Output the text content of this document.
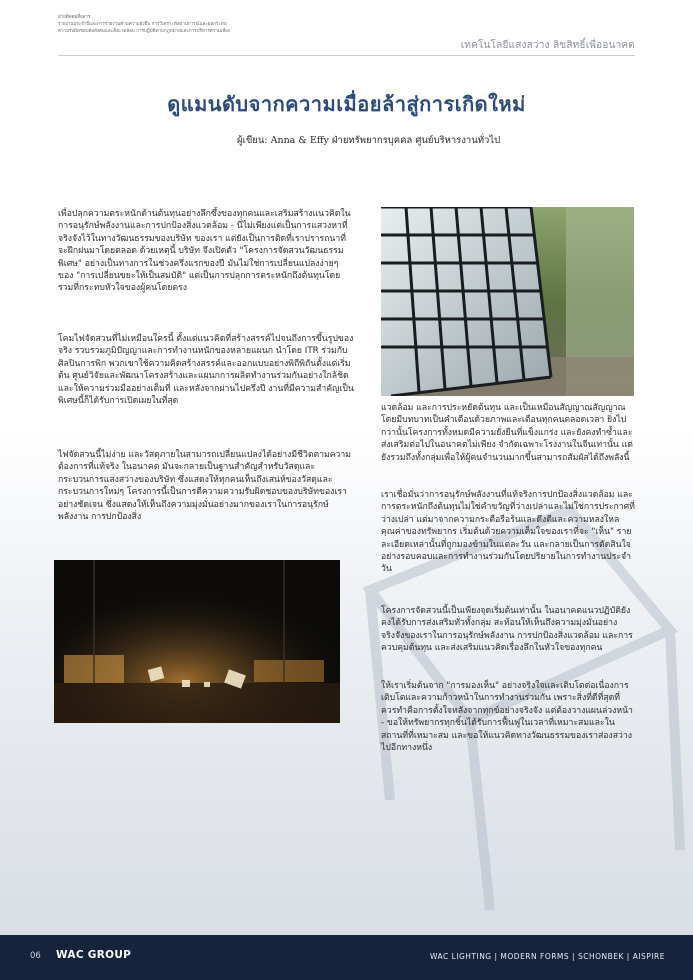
ฝ่ายติดต่อสื่อสาร
รายงานประจำปีและการรายงานด้านความยั่งยืน การวิเคราะห์สถานการณ์และผลกระทบ
ความรับผิดชอบต่อสังคมและสิ่งแวดล้อม การปฏิบัติตามกฎหมายและการบริหารความเสี่ยง
เทคโนโลยีแสงสว่าง ลิขสิทธิ์เพื่ออนาคต
ดูแมนดับจากความเมื่อยล้าสู่การเกิดใหม่
ผู้เขียน: Anna & Effy ฝ่ายทรัพยากรบุคคล ศูนย์บริหารงานทั่วไป

เพื่อปลุกความตระหนักด้านต้นทุนอย่างลึกซึ้งของทุกคนและเสริมสร้างแนวคิดในการอนุรักษ์พลังงานและการปกป้องสิ่งแวดล้อม - นี่ไม่เพียงแต่เป็นการแสวงหาที่จริงจังไว้ในทางวัฒนธรรมของบริษัท ของเรา แต่ยังเป็นการติดที่เราปรารถนาที่จะฝึกฝนมาโดยตลอด ด้วยเหตุนี้ บริษัท จึงเปิดตัว "โครงการจัดสวนวัฒนธรรมพิเศษ" อย่างเป็นทางการในช่วงครึ่งแรกของปี มันไม่ใช่การเปลี่ยนแปลงง่ายๆ ของ "การเปลี่ยนขยะให้เป็นสมบัติ" แต่เป็นการปลุกการตระหนักถึงต้นทุนโดยรวมที่กระทบหัวใจของผู้คนโดยตรง

โคมไฟจัดสวนที่ไม่เหมือนใครนี้ ตั้งแต่แนวคิดที่สร้างสรรค์ไปจนถึงการขึ้นรูปของจริง รวบรวมภูมิปัญญาและการทำงานหนักของหลายแผนก นำโดย ITR ร่วมกับศิลปินการพิก พวกเขาใช้ความคิดสร้างสรรค์และออกแบบอย่างพิถีพิถันตั้งแต่เริ่มต้น ศูนย์วิจัยและพัฒนาโครงสร้างและแผนกการผลิตทำงานร่วมกันอย่างใกล้ชิดและให้ความร่วมมืออย่างเต็มที่ และหลังจากผ่านไปครึ่งปี งานที่มีความสำคัญเป็นพิเศษนี้ก็ได้รับการเปิดเผยในที่สุด

ไฟจัดสวนนี้ไม่ง่าย และวัสดุภายในสามารถเปลี่ยนแปลงได้อย่างมีชีวิตตามความต้องการที่แท้จริง ในอนาคต มันจะกลายเป็นฐานสำคัญสำหรับวัสดุและกระบวนการแสงสว่างของบริษัท ซึ่งแสดงให้ทุกคนเห็นถึงเสน่ห์ของวัสดุและกระบวนการใหม่ๆ โครงการนี้เป็นการตีความความรับผิดชอบของบริษัทของเราอย่างชัดเจน ซึ่งแสดงให้เห็นถึงความมุ่งมั่นอย่างมากของเราในการอนุรักษ์พลังงาน การปกป้องสิ่ง

แวดล้อม และการประหยัดต้นทุน และเป็นเหมือนสัญญาณสัญญาณ โดยมีบทบาทเป็นคำเตือนด้วยภาพและเตือนทุกคนตลอดเวลา ยิ่งไปกว่านั้นโครงการทั้งหมดมีความยั่งยืนที่แข็งแกร่ง และยังคงทำซ้ำและส่งเสริมต่อไปในอนาคตไม่เพียง จำกัดเฉพาะโรงงานในจีนเท่านั้น แต่ยังรวมถึงทั้งกลุ่มเพื่อให้ผู้คนจำนวนมากขึ้นสามารถสัมผัสได้ถึงพลังนี้

เราเชื่อมั่นว่าการอนุรักษ์พลังงานที่แท้จริงการปกป้องสิ่งแวดล้อม และการตระหนักถึงต้นทุนไม่ใช่คำขวัญที่ว่างเปล่าและไม่ใช่การประกาศที่ว่างเปล่า แต่มาจากความกระตือรือร้นและดึงดีและความหลงใหลคุณค่าของทรัพยากร เริ่มต้นด้วยความเต็มใจของเราที่จะ "เห็น" รายละเอียดเหล่านั้นที่ถูกมองข้ามในแต่ละวัน และกลายเป็นการตัดสินใจอย่างรอบคอบและการทำงานร่วมกันโดยปริยายในการทำงานประจำวัน

โครงการจัดสวนนี้เป็นเพียงจุดเริ่มต้นเท่านั้น ในอนาคตแนวปฏิบัติยังคงได้รับการส่งเสริมทั่วทั้งกลุ่ม สะท้อนให้เห็นถึงความมุ่งมั่นอย่างจริงจังของเราในการอนุรักษ์พลังงาน การปกป้องสิ่งแวดล้อม และการควบคุมต้นทุน และส่งเสริมแนวคิดเรื่องลึกในหัวใจของทุกคน

ให้เราเริ่มต้นจาก "การมองเห็น" อย่างจริงใจและเติบโตต่อเนื่องการเติบโตและความก้าวหน้าในการทำงานร่วมกัน เพราะสิ่งที่ดีที่สุดที่ควรทำคือการตั้งใจหลังจากทุกข์อย่างจริงจัง แต่ต้องวางแผนล่วงหน้า - ขอให้ทรัพยากรทุกชิ้นได้รับการฟื้นฟูในเวลาที่เหมาะสมและในสถานที่ที่เหมาะสม และขอให้แนวคิดทางวัฒนธรรมของเราส่องสว่างไปอีกทางหนึ่ง

06 WAC GROUP	WAC LIGHTING | MODERN FORMS | SCHONBEK | AISPIRE
